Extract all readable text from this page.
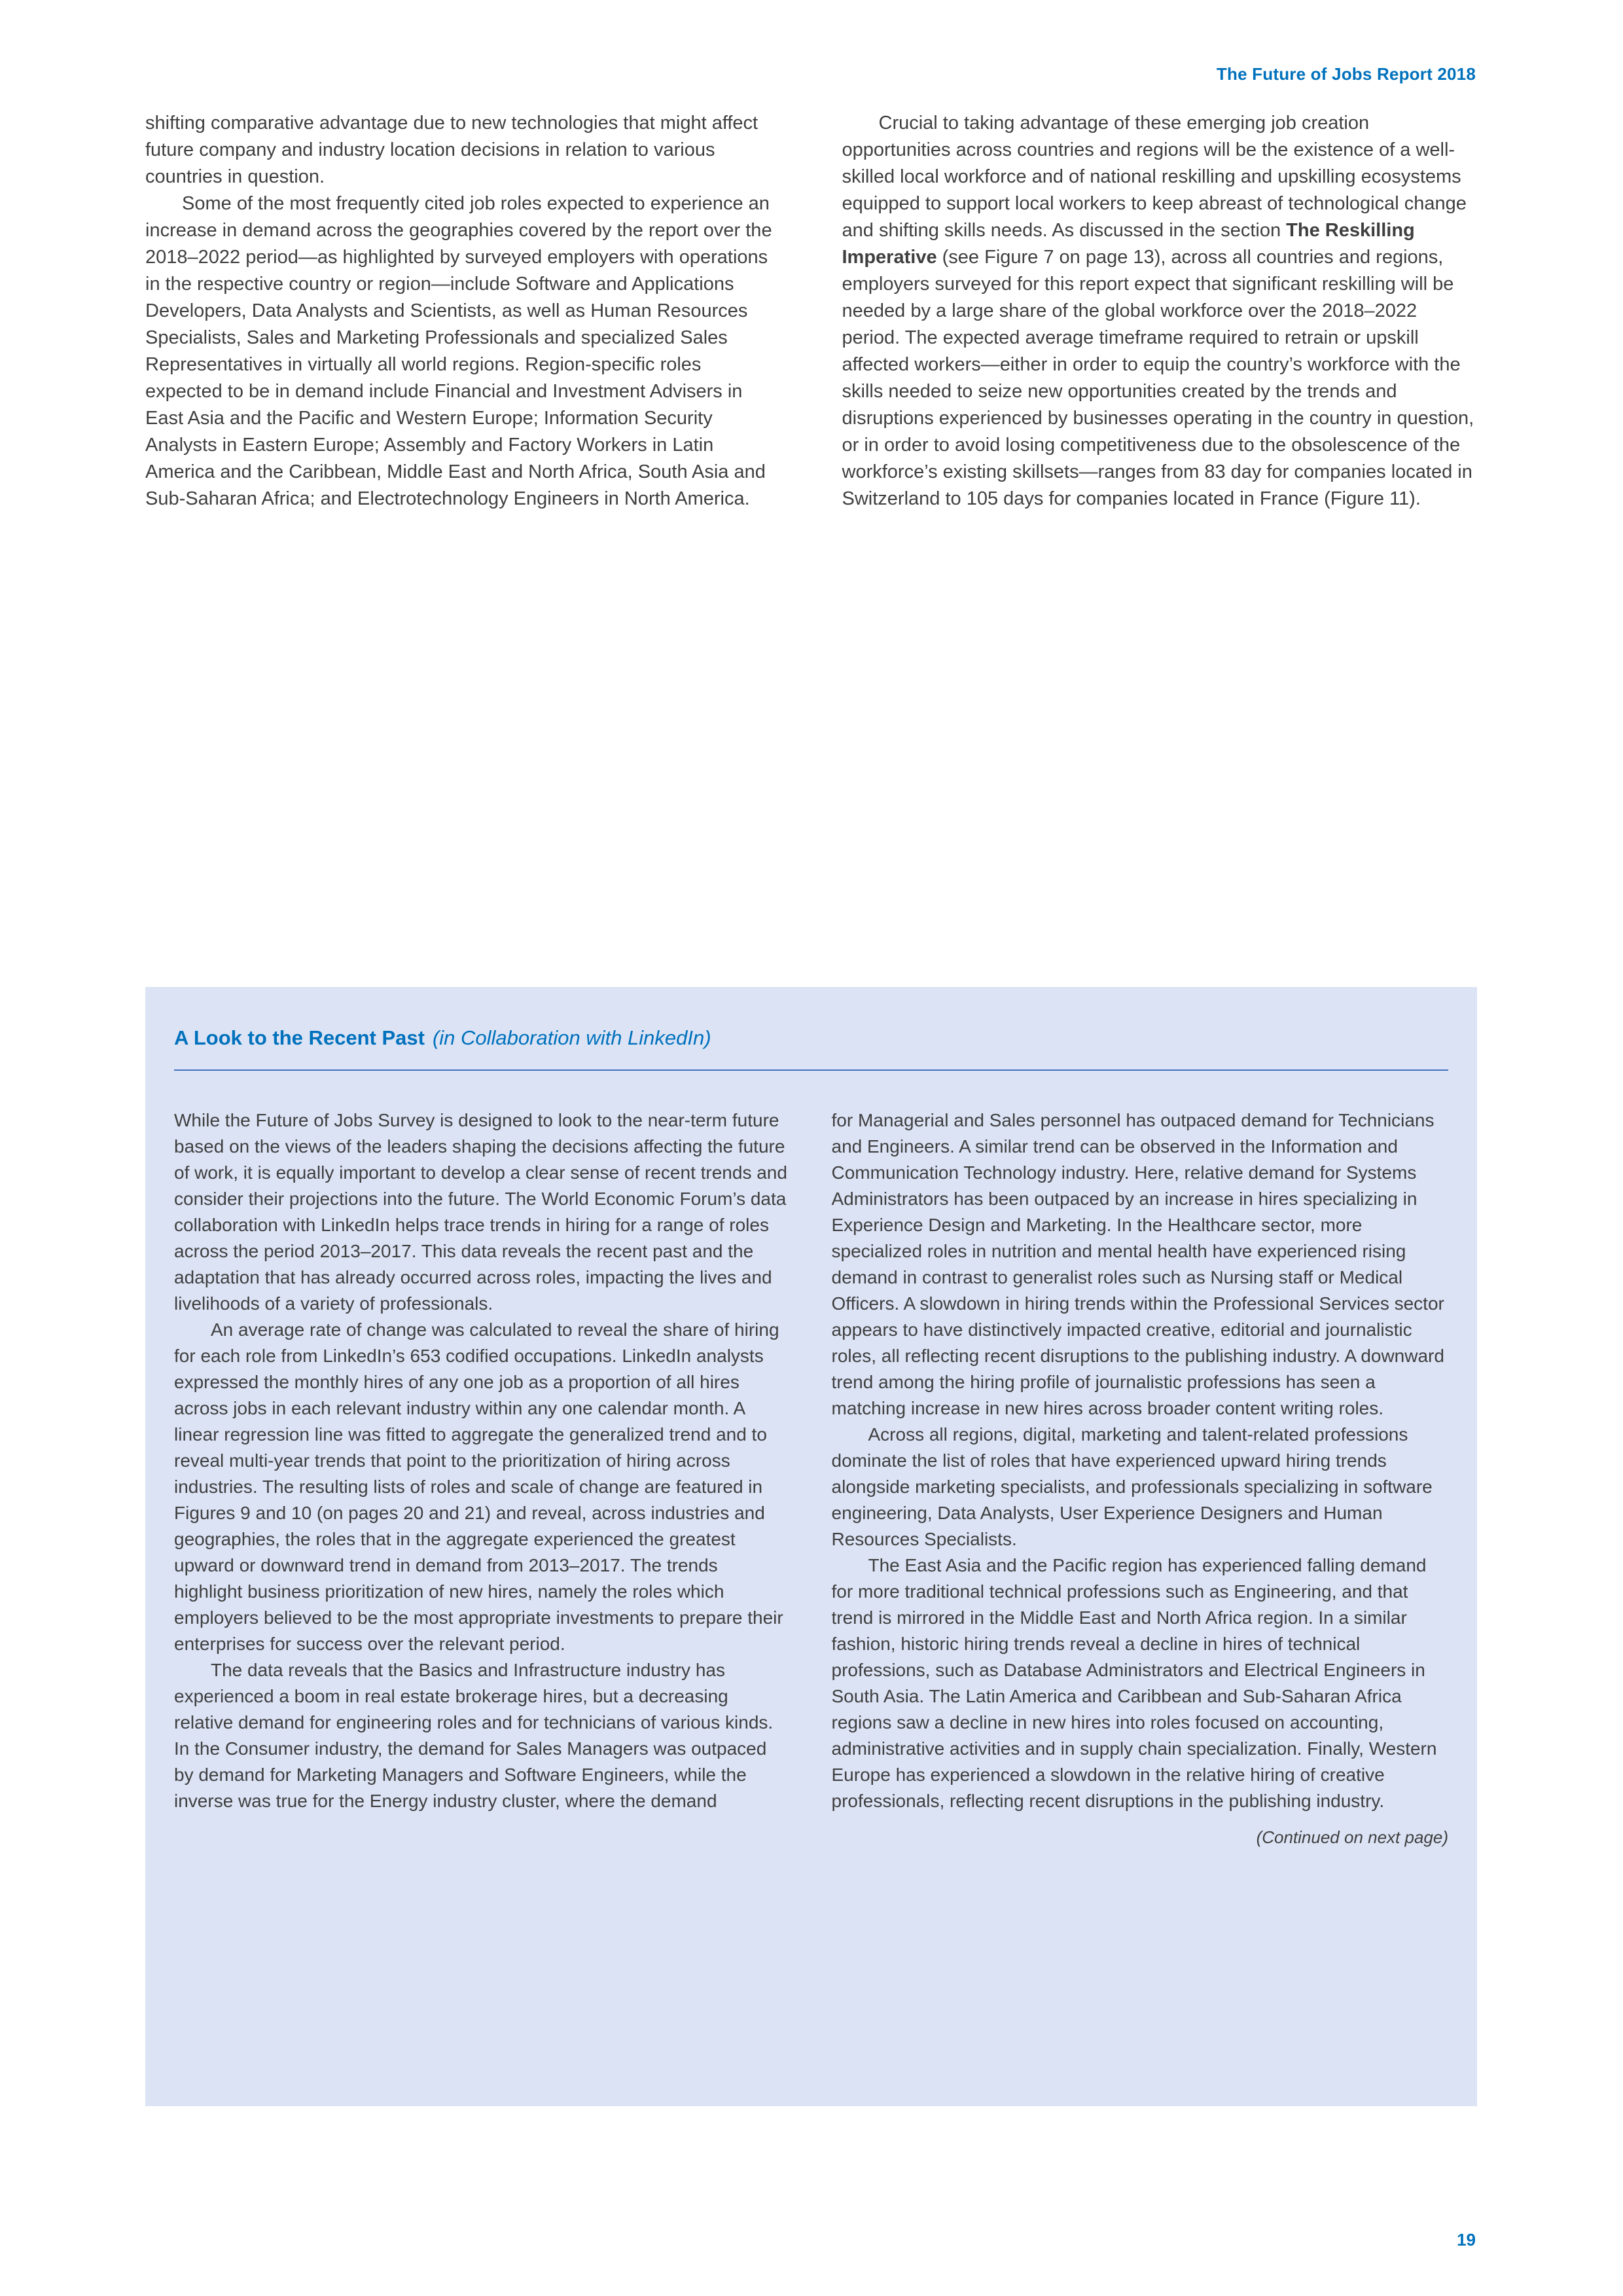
The Future of Jobs Report 2018

shifting comparative advantage due to new technologies that might affect future company and industry location decisions in relation to various countries in question.

Some of the most frequently cited job roles expected to experience an increase in demand across the geographies covered by the report over the 2018–2022 period—as highlighted by surveyed employers with operations in the respective country or region—include Software and Applications Developers, Data Analysts and Scientists, as well as Human Resources Specialists, Sales and Marketing Professionals and specialized Sales Representatives in virtually all world regions. Region-specific roles expected to be in demand include Financial and Investment Advisers in East Asia and the Pacific and Western Europe; Information Security Analysts in Eastern Europe; Assembly and Factory Workers in Latin America and the Caribbean, Middle East and North Africa, South Asia and Sub-Saharan Africa; and Electrotechnology Engineers in North America.

Crucial to taking advantage of these emerging job creation opportunities across countries and regions will be the existence of a well-skilled local workforce and of national reskilling and upskilling ecosystems equipped to support local workers to keep abreast of technological change and shifting skills needs. As discussed in the section The Reskilling Imperative (see Figure 7 on page 13), across all countries and regions, employers surveyed for this report expect that significant reskilling will be needed by a large share of the global workforce over the 2018–2022 period. The expected average timeframe required to retrain or upskill affected workers—either in order to equip the country’s workforce with the skills needed to seize new opportunities created by the trends and disruptions experienced by businesses operating in the country in question, or in order to avoid losing competitiveness due to the obsolescence of the workforce’s existing skillsets—ranges from 83 day for companies located in Switzerland to 105 days for companies located in France (Figure 11).

A Look to the Recent Past (in Collaboration with LinkedIn)

While the Future of Jobs Survey is designed to look to the near-term future based on the views of the leaders shaping the decisions affecting the future of work, it is equally important to develop a clear sense of recent trends and consider their projections into the future. The World Economic Forum’s data collaboration with LinkedIn helps trace trends in hiring for a range of roles across the period 2013–2017. This data reveals the recent past and the adaptation that has already occurred across roles, impacting the lives and livelihoods of a variety of professionals.

An average rate of change was calculated to reveal the share of hiring for each role from LinkedIn’s 653 codified occupations. LinkedIn analysts expressed the monthly hires of any one job as a proportion of all hires across jobs in each relevant industry within any one calendar month. A linear regression line was fitted to aggregate the generalized trend and to reveal multi-year trends that point to the prioritization of hiring across industries. The resulting lists of roles and scale of change are featured in Figures 9 and 10 (on pages 20 and 21) and reveal, across industries and geographies, the roles that in the aggregate experienced the greatest upward or downward trend in demand from 2013–2017. The trends highlight business prioritization of new hires, namely the roles which employers believed to be the most appropriate investments to prepare their enterprises for success over the relevant period.

The data reveals that the Basics and Infrastructure industry has experienced a boom in real estate brokerage hires, but a decreasing relative demand for engineering roles and for technicians of various kinds. In the Consumer industry, the demand for Sales Managers was outpaced by demand for Marketing Managers and Software Engineers, while the inverse was true for the Energy industry cluster, where the demand

for Managerial and Sales personnel has outpaced demand for Technicians and Engineers. A similar trend can be observed in the Information and Communication Technology industry. Here, relative demand for Systems Administrators has been outpaced by an increase in hires specializing in Experience Design and Marketing. In the Healthcare sector, more specialized roles in nutrition and mental health have experienced rising demand in contrast to generalist roles such as Nursing staff or Medical Officers. A slowdown in hiring trends within the Professional Services sector appears to have distinctively impacted creative, editorial and journalistic roles, all reflecting recent disruptions to the publishing industry. A downward trend among the hiring profile of journalistic professions has seen a matching increase in new hires across broader content writing roles.

Across all regions, digital, marketing and talent-related professions dominate the list of roles that have experienced upward hiring trends alongside marketing specialists, and professionals specializing in software engineering, Data Analysts, User Experience Designers and Human Resources Specialists.

The East Asia and the Pacific region has experienced falling demand for more traditional technical professions such as Engineering, and that trend is mirrored in the Middle East and North Africa region. In a similar fashion, historic hiring trends reveal a decline in hires of technical professions, such as Database Administrators and Electrical Engineers in South Asia. The Latin America and Caribbean and Sub-Saharan Africa regions saw a decline in new hires into roles focused on accounting, administrative activities and in supply chain specialization. Finally, Western Europe has experienced a slowdown in the relative hiring of creative professionals, reflecting recent disruptions in the publishing industry.

(Continued on next page)
19
